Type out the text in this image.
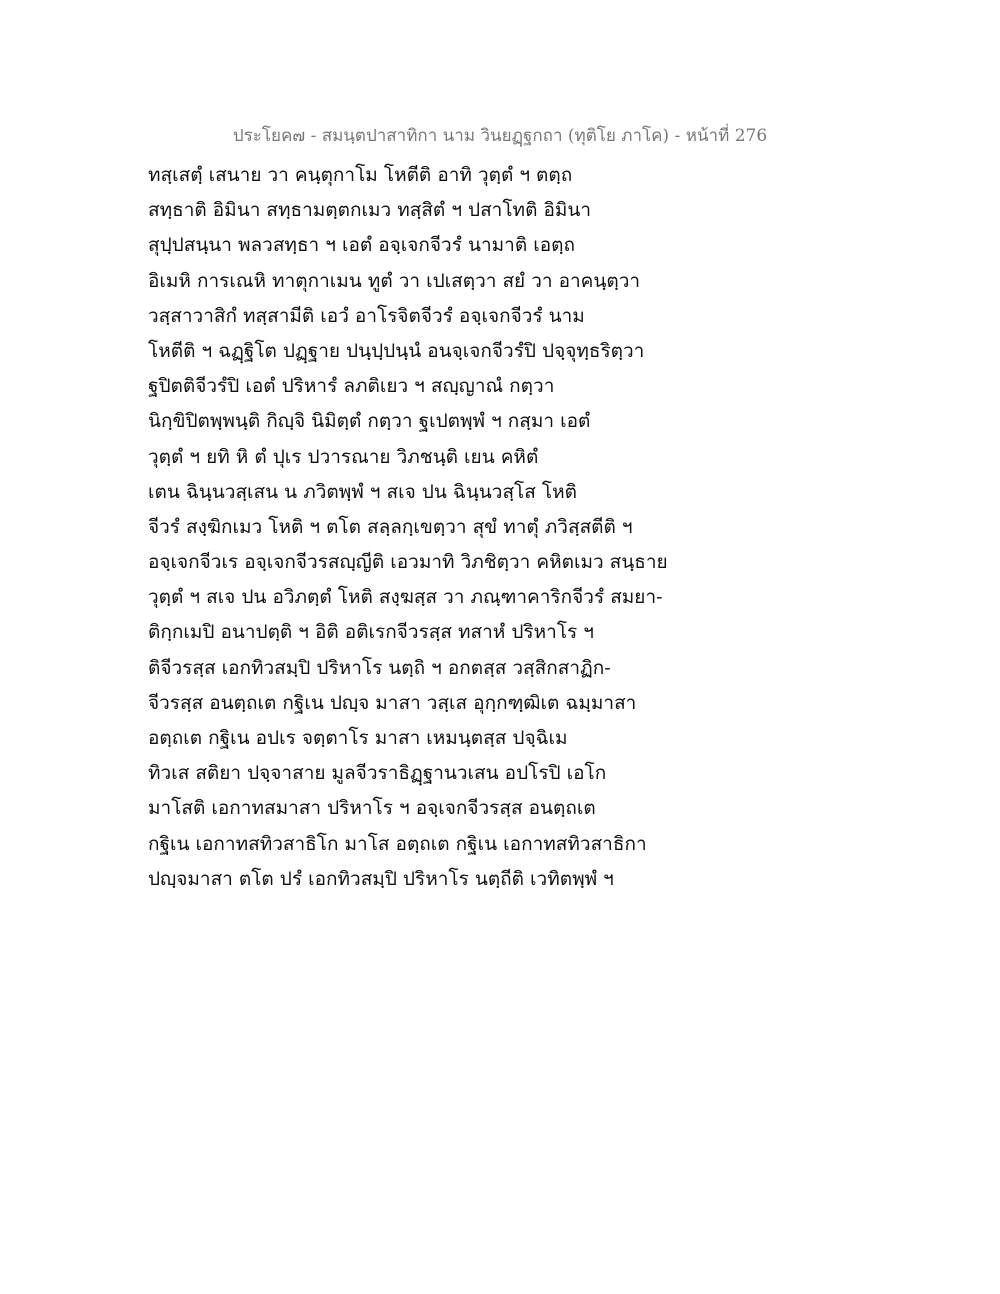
ประโยค๗ - สมนฺตปาสาทิกา นาม วินยฏฺฐกถา (ทุติโย ภาโค) - หน้าที่ 276
ทสฺเสตฺํ เสนาย วา คนฺตุกาโม โหตีติ อาทิ วุตฺตํ ฯ ตตฺถ
สทฺธาติ อิมินา สทฺธามตฺตกเมว ทสฺสิตํ ฯ ปสาโทติ อิมินา
สุปฺปสนฺนา พลวสทฺธา ฯ เอตํ อจฺเจกจีวรํ นามาติ เอตฺถ
อิเมหิ การเณหิ ทาตุกาเมน ทูตํ วา เปเสตฺวา สยํ วา อาคนฺตฺวา
วสฺสาวาสิกํ ทสฺสามีติ เอวํ อาโรจิตจีวรํ อจฺเจกจีวรํ นาม
โหตีติ ฯ ฉฏฺฐิโต ปฏฺฐาย ปนฺปฺปนฺนํ อนจฺเจกจีวรํปิ ปจฺจุทฺธริตฺวา
ฐปิตติจีวรํปิ เอตํ ปริหารํ ลภติเยว ฯ สญฺญาณํ กตฺวา
นิกฺขิปิตพฺพนฺติ กิญฺจิ นิมิตฺตํ กตฺวา ฐเปตพฺพํ ฯ กสฺมา เอตํ
วุตฺตํ ฯ ยทิ หิ ตํ ปุเร ปวารณาย วิภชนฺติ เยน คหิตํ
เตน ฉินฺนวสฺเสน น ภวิตพฺพํ ฯ สเจ ปน ฉินฺนวสฺโส โหติ
จีวรํ สงฺฆิกเมว โหติ ฯ ตโต สลฺลกฺเขตฺวา สุขํ ทาตุํ ภวิสฺสตีติ ฯ
อจฺเจกจีวเร อจฺเจกจีวรสญฺญีติ เอวมาทิ วิภชิตฺวา คหิตเมว สนฺธาย
วุตฺตํ ฯ สเจ ปน อวิภตฺตํ โหติ สงฺฆสฺส วา ภณฺฑาคาริกจีวรํ สมยา-
ติกฺกเมปิ อนาปตฺติ ฯ อิติ อติเรกจีวรสฺส ทสาหํ ปริหาโร ฯ
ติจีวรสฺส เอกทิวสมฺปิ ปริหาโร นตฺถิ ฯ อกตสฺส วสฺสิกสาฏิก-
จีวรสฺส อนตฺถเต กฐิเน ปญฺจ มาสา วสฺเส อุกฺกฑฺฒิเต ฉมฺมาสา
อตฺถเต กฐิเน อปเร จตฺตาโร มาสา เหมนฺตสฺส ปจฺฉิเม
ทิวเส สติยา ปจฺจาสาย มูลจีวราธิฏฺฐานวเสน อปโรปิ เอโก
มาโสติ เอกาทสมาสา ปริหาโร ฯ อจฺเจกจีวรสฺส อนตฺถเต
กฐิเน เอกาทสทิวสาธิโก มาโส อตฺถเต กฐิเน เอกาทสทิวสาธิกา
ปญฺจมาสา ตโต ปรํ เอกทิวสมฺปิ ปริหาโร นตฺถีติ เวทิตพฺพํ ฯ
